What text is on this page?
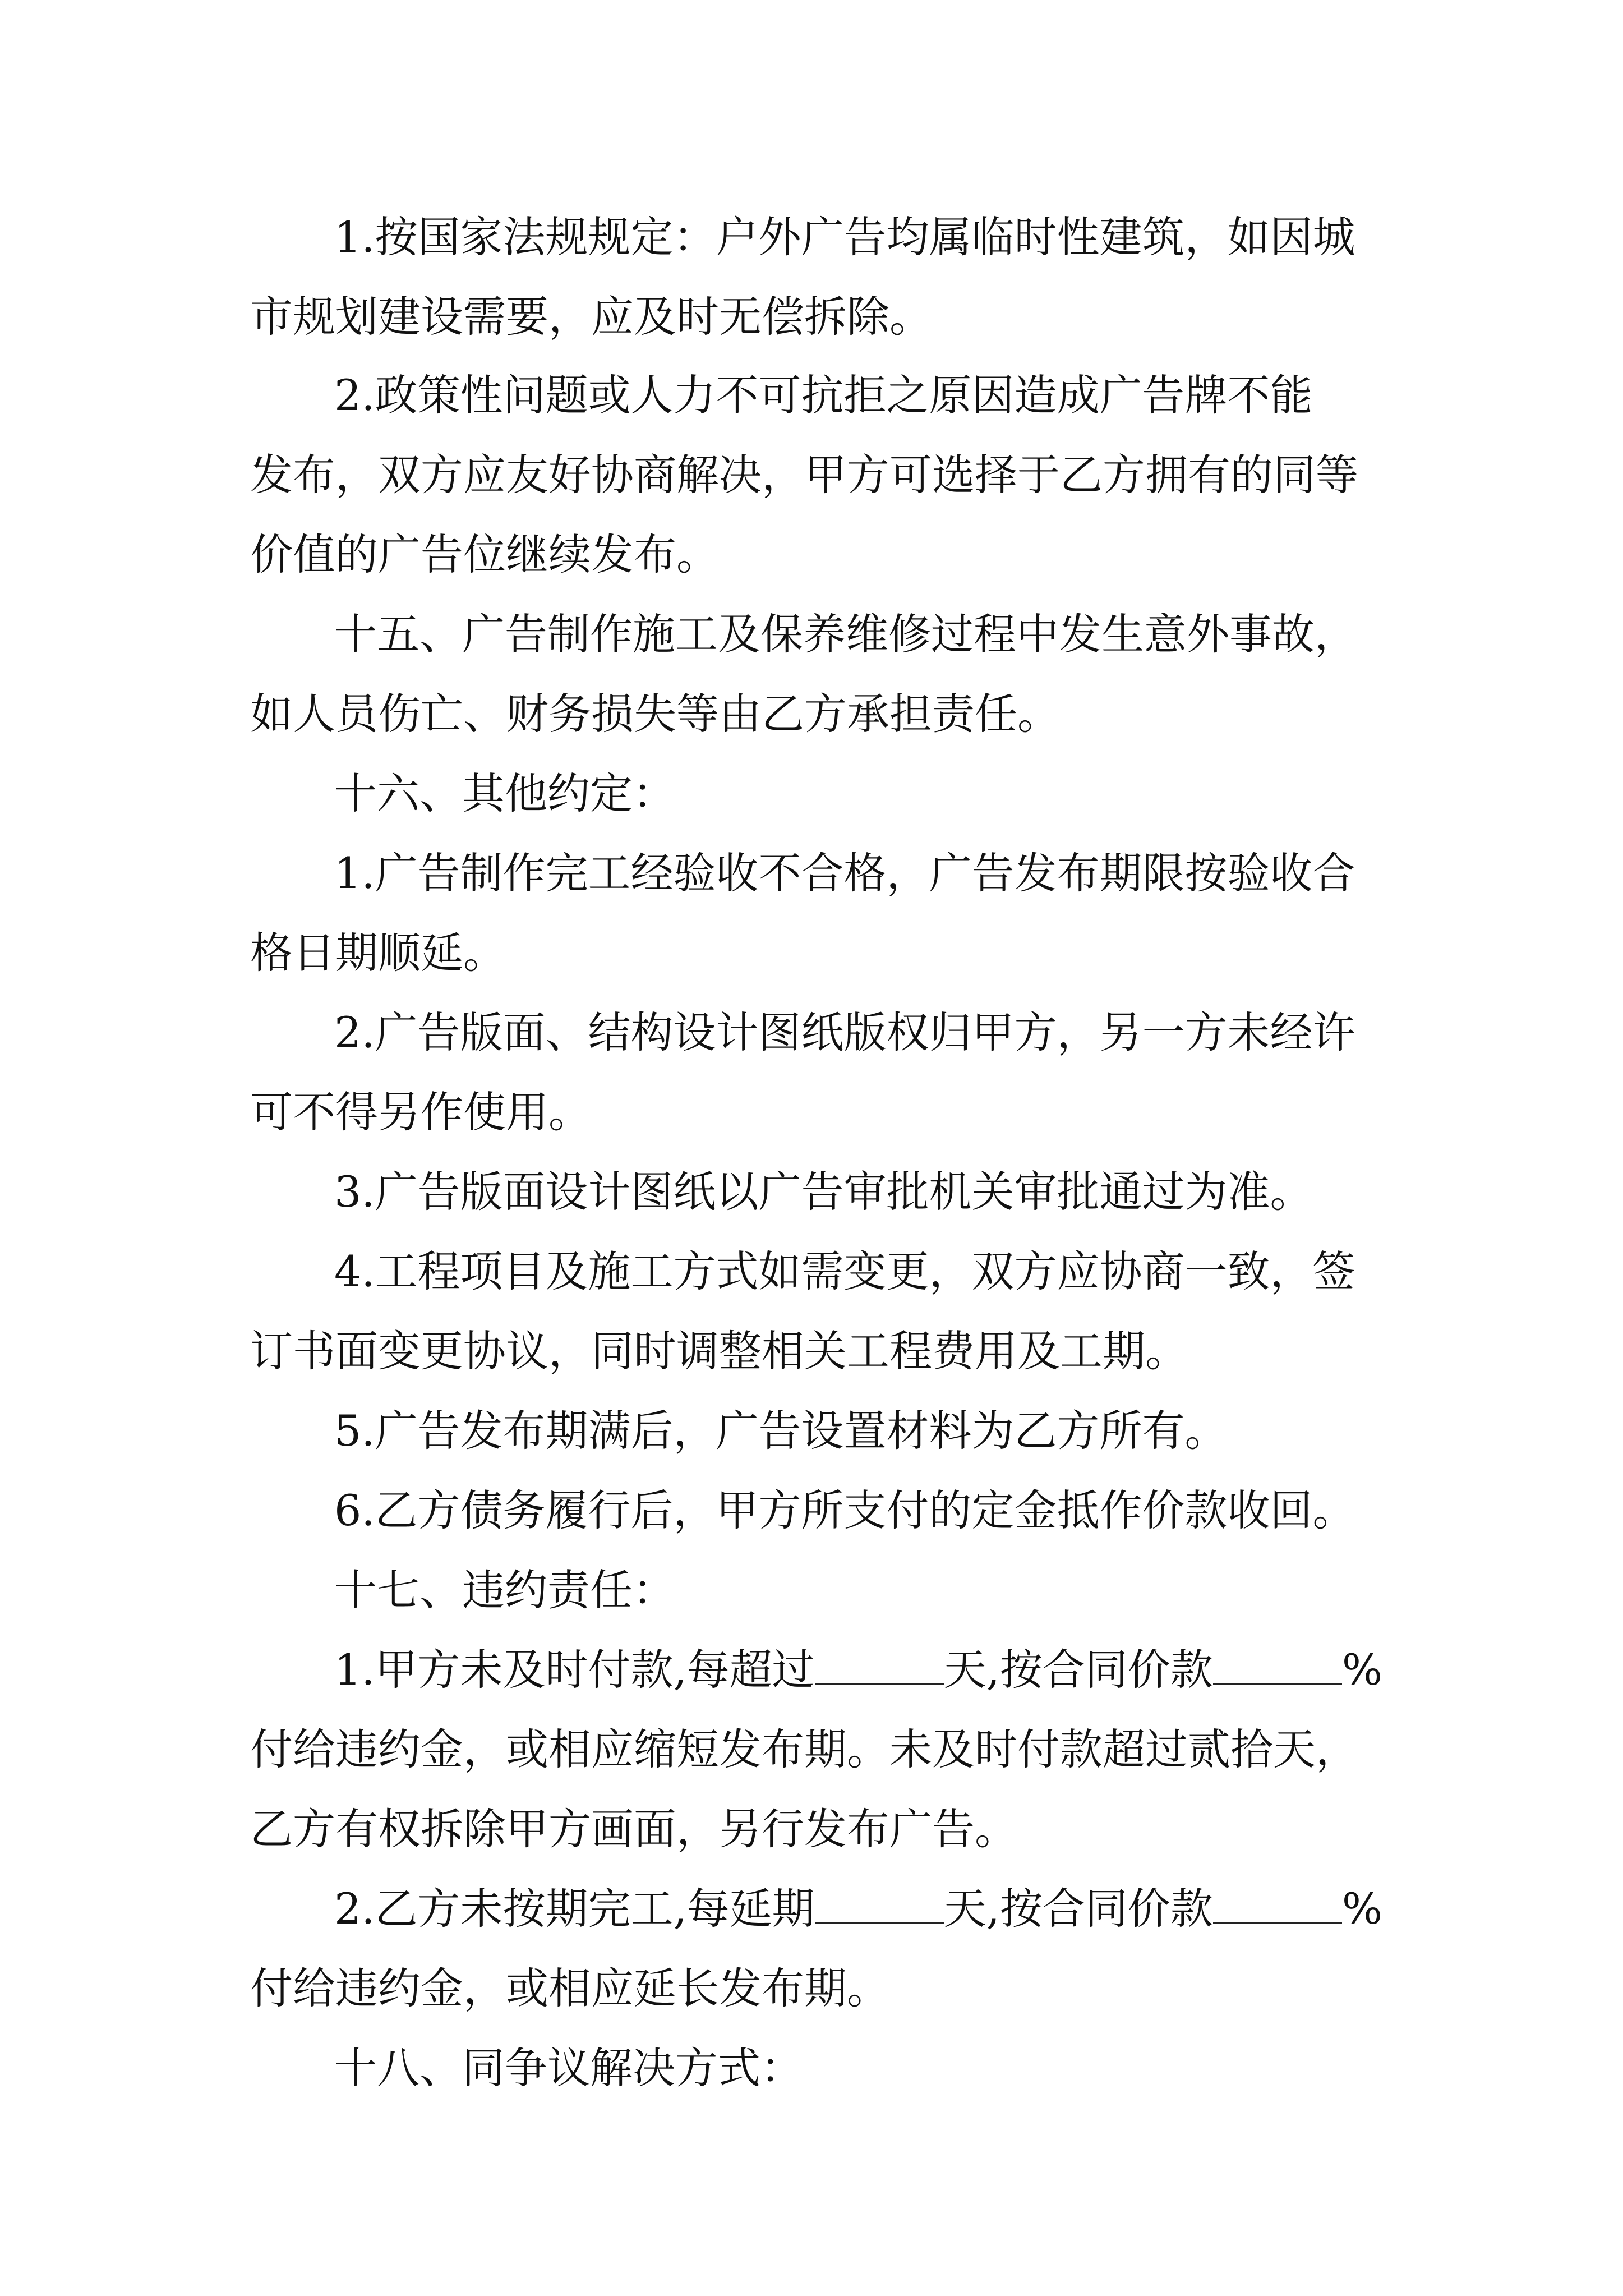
1.按国家法规规定：户外广告均属临时性建筑，如因城
市规划建设需要，应及时无偿拆除。
2.政策性问题或人力不可抗拒之原因造成广告牌不能
发布，双方应友好协商解决，甲方可选择于乙方拥有的同等
价值的广告位继续发布。
十五、广告制作施工及保养维修过程中发生意外事故，
如人员伤亡、财务损失等由乙方承担责任。
十六、其他约定：
1.广告制作完工经验收不合格，广告发布期限按验收合
格日期顺延。
2.广告版面、结构设计图纸版权归甲方，另一方未经许
可不得另作使用。
3.广告版面设计图纸以广告审批机关审批通过为准。
4.工程项目及施工方式如需变更，双方应协商一致，签
订书面变更协议，同时调整相关工程费用及工期。
5.广告发布期满后，广告设置材料为乙方所有。
6.乙方债务履行后，甲方所支付的定金抵作价款收回。
十七、违约责任：
1.甲方未及时付款,每超过	天,按合同价款	%
付给违约金，或相应缩短发布期。未及时付款超过贰拾天，
乙方有权拆除甲方画面，另行发布广告。
2.乙方未按期完工,每延期	天,按合同价款	%
付给违约金，或相应延长发布期。
十八、同争议解决方式：
